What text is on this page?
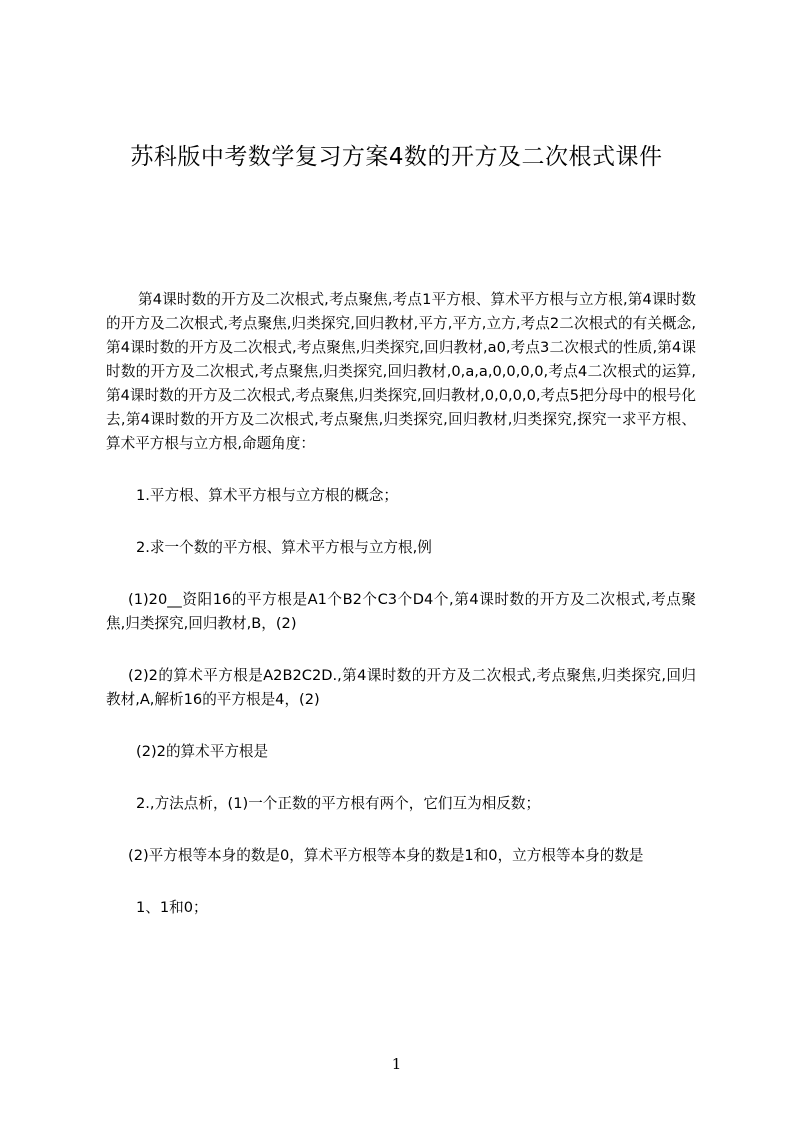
苏科版中考数学复习方案4数的开方及二次根式课件

第4课时数的开方及二次根式,考点聚焦,考点1平方根、算术平方根与立方根,第4课时数的开方及二次根式,考点聚焦,归类探究,回归教材,平方,平方,立方,考点2二次根式的有关概念,第4课时数的开方及二次根式,考点聚焦,归类探究,回归教材,a0,考点3二次根式的性质,第4课时数的开方及二次根式,考点聚焦,归类探究,回归教材,0,a,a,0,0,0,0,考点4二次根式的运算,第4课时数的开方及二次根式,考点聚焦,归类探究,回归教材,0,0,0,0,考点5把分母中的根号化去,第4课时数的开方及二次根式,考点聚焦,归类探究,回归教材,归类探究,探究一求平方根、算术平方根与立方根,命题角度：

1.平方根、算术平方根与立方根的概念；

2.求一个数的平方根、算术平方根与立方根,例

(1)20__资阳16的平方根是A1个B2个C3个D4个,第4课时数的开方及二次根式,考点聚焦,归类探究,回归教材,B，(2)

(2)2的算术平方根是A2B2C2D.,第4课时数的开方及二次根式,考点聚焦,归类探究,回归教材,A,解析16的平方根是4，(2)

(2)2的算术平方根是

2.,方法点析，(1)一个正数的平方根有两个，它们互为相反数；

(2)平方根等本身的数是0，算术平方根等本身的数是1和0，立方根等本身的数是

1、1和0；

1
